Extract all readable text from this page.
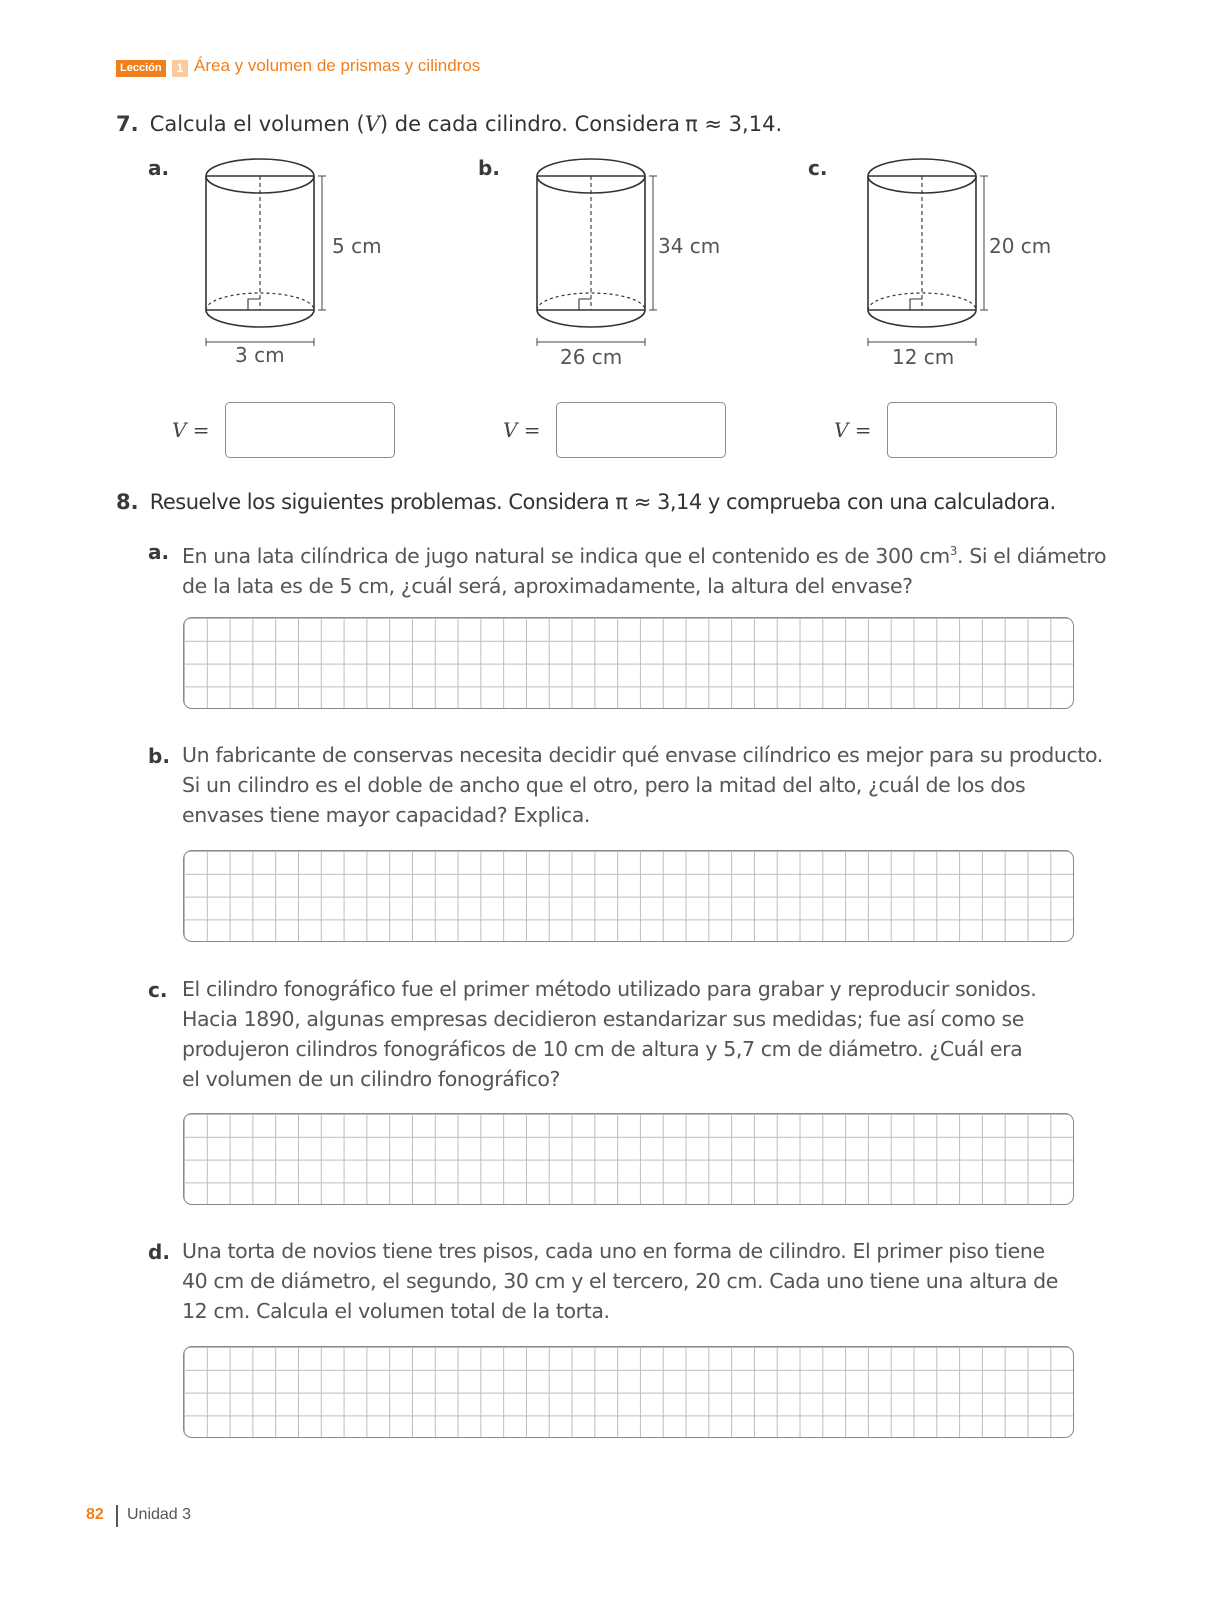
Lección	1 Área y volumen de prismas y cilindros
7. Calcula el volumen (V) de cada cilindro. Considera π ≈ 3,14.
a.
5 cm
3 cm
b.
34 cm
26 cm
c.
20 cm
12 cm
V =	V =	V =
8. Resuelve los siguientes problemas. Considera π ≈ 3,14 y comprueba con una calculadora.
a. En una lata cilíndrica de jugo natural se indica que el contenido es de 300 $cm^3$. Si el diámetro
de la lata es de 5 cm, ¿cuál será, aproximadamente, la altura del envase?
b. Un fabricante de conservas necesita decidir qué envase cilíndrico es mejor para su producto.
Si un cilindro es el doble de ancho que el otro, pero la mitad del alto, ¿cuál de los dos
envases tiene mayor capacidad? Explica.
c. El cilindro fonográfico fue el primer método utilizado para grabar y reproducir sonidos.
Hacia 1890, algunas empresas decidieron estandarizar sus medidas; fue así como se
produjeron cilindros fonográficos de 10 cm de altura y 5,7 cm de diámetro. ¿Cuál era
el volumen de un cilindro fonográfico?
d. Una torta de novios tiene tres pisos, cada uno en forma de cilindro. El primer piso tiene
40 cm de diámetro, el segundo, 30 cm y el tercero, 20 cm. Cada uno tiene una altura de
12 cm. Calcula el volumen total de la torta.
82 Unidad 3
